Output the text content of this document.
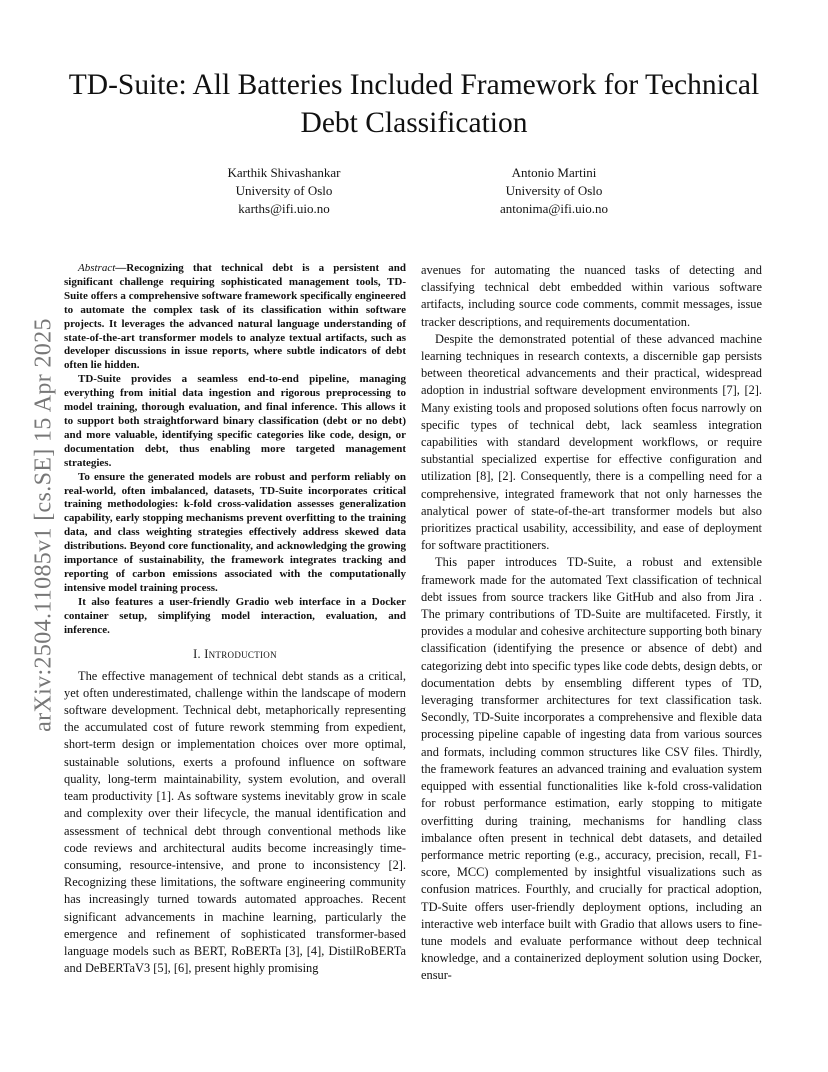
TD-Suite: All Batteries Included Framework for Technical Debt Classification
Karthik Shivashankar
University of Oslo
karths@ifi.uio.no
Antonio Martini
University of Oslo
antonima@ifi.uio.no
arXiv:2504.11085v1 [cs.SE] 15 Apr 2025

Abstract—Recognizing that technical debt is a persistent and significant challenge requiring sophisticated management tools, TD-Suite offers a comprehensive software framework specifically engineered to automate the complex task of its classification within software projects. It leverages the advanced natural language understanding of state-of-the-art transformer models to analyze textual artifacts, such as developer discussions in issue reports, where subtle indicators of debt often lie hidden.

TD-Suite provides a seamless end-to-end pipeline, managing everything from initial data ingestion and rigorous preprocessing to model training, thorough evaluation, and final inference. This allows it to support both straightforward binary classification (debt or no debt) and more valuable, identifying specific categories like code, design, or documentation debt, thus enabling more targeted management strategies.

To ensure the generated models are robust and perform reliably on real-world, often imbalanced, datasets, TD-Suite incorporates critical training methodologies: k-fold cross-validation assesses generalization capability, early stopping mechanisms prevent overfitting to the training data, and class weighting strategies effectively address skewed data distributions. Beyond core functionality, and acknowledging the growing importance of sustainability, the framework integrates tracking and reporting of carbon emissions associated with the computationally intensive model training process.

It also features a user-friendly Gradio web interface in a Docker container setup, simplifying model interaction, evaluation, and inference.

I. Introduction

The effective management of technical debt stands as a critical, yet often underestimated, challenge within the landscape of modern software development. Technical debt, metaphorically representing the accumulated cost of future rework stemming from expedient, short-term design or implementation choices over more optimal, sustainable solutions, exerts a profound influence on software quality, long-term maintainability, system evolution, and overall team productivity [1]. As software systems inevitably grow in scale and complexity over their lifecycle, the manual identification and assessment of technical debt through conventional methods like code reviews and architectural audits become increasingly time-consuming, resource-intensive, and prone to inconsistency [2]. Recognizing these limitations, the software engineering community has increasingly turned towards automated approaches. Recent significant advancements in machine learning, particularly the emergence and refinement of sophisticated transformer-based language models such as BERT, RoBERTa [3], [4], DistilRoBERTa and DeBERTaV3 [5], [6], present highly promising

avenues for automating the nuanced tasks of detecting and classifying technical debt embedded within various software artifacts, including source code comments, commit messages, issue tracker descriptions, and requirements documentation.

Despite the demonstrated potential of these advanced machine learning techniques in research contexts, a discernible gap persists between theoretical advancements and their practical, widespread adoption in industrial software development environments [7], [2]. Many existing tools and proposed solutions often focus narrowly on specific types of technical debt, lack seamless integration capabilities with standard development workflows, or require substantial specialized expertise for effective configuration and utilization [8], [2]. Consequently, there is a compelling need for a comprehensive, integrated framework that not only harnesses the analytical power of state-of-the-art transformer models but also prioritizes practical usability, accessibility, and ease of deployment for software practitioners.

This paper introduces TD-Suite, a robust and extensible framework made for the automated Text classification of technical debt issues from source trackers like GitHub and also from Jira . The primary contributions of TD-Suite are multifaceted. Firstly, it provides a modular and cohesive architecture supporting both binary classification (identifying the presence or absence of debt) and categorizing debt into specific types like code debts, design debts, or documentation debts by ensembling different types of TD, leveraging transformer architectures for text classification task. Secondly, TD-Suite incorporates a comprehensive and flexible data processing pipeline capable of ingesting data from various sources and formats, including common structures like CSV files. Thirdly, the framework features an advanced training and evaluation system equipped with essential functionalities like k-fold cross-validation for robust performance estimation, early stopping to mitigate overfitting during training, mechanisms for handling class imbalance often present in technical debt datasets, and detailed performance metric reporting (e.g., accuracy, precision, recall, F1-score, MCC) complemented by insightful visualizations such as confusion matrices. Fourthly, and crucially for practical adoption, TD-Suite offers user-friendly deployment options, including an interactive web interface built with Gradio that allows users to fine-tune models and evaluate performance without deep technical knowledge, and a containerized deployment solution using Docker, ensur-
